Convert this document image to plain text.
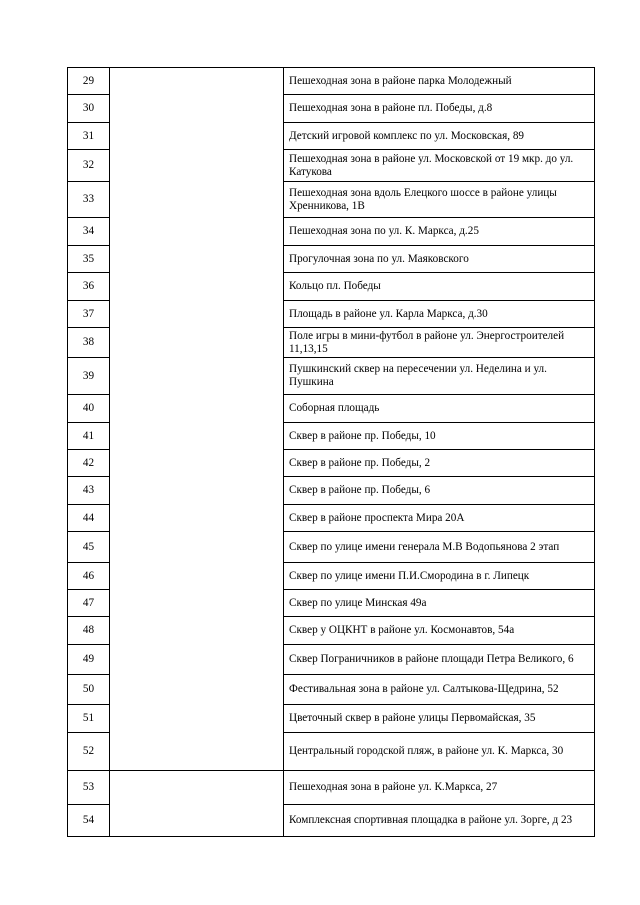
29		Пешеходная зона в районе парка Молодежный
30		Пешеходная зона в районе пл. Победы, д.8
31		Детский игровой комплекс по ул. Московская, 89
32		Пешеходная зона в районе ул. Московской от 19 мкр. до ул. Катукова
33		Пешеходная зона вдоль Елецкого шоссе в районе улицы Хренникова, 1В
34		Пешеходная зона по ул. К. Маркса, д.25
35		Прогулочная зона по ул. Маяковского
36		Кольцо пл. Победы
37		Площадь в районе ул. Карла Маркса, д.30
38		Поле игры в мини-футбол в районе ул. Энергостроителей 11,13,15
39		Пушкинский сквер на пересечении ул. Неделина и ул. Пушкина
40		Соборная площадь
41		Сквер в районе пр. Победы, 10
42		Сквер в районе пр. Победы, 2
43		Сквер в районе пр. Победы, 6
44		Сквер в районе проспекта Мира 20А
45		Сквер по улице имени генерала М.В Водопьянова 2 этап
46		Сквер по улице имени П.И.Смородина в г. Липецк
47		Сквер по улице Минская 49а
48		Сквер у ОЦКНТ в районе ул. Космонавтов, 54а
49		Сквер Пограничников в районе площади Петра Великого, 6
50		Фестивальная зона в районе ул. Салтыкова-Щедрина, 52
51		Цветочный сквер в районе улицы Первомайская, 35
52		Центральный городской пляж, в районе ул. К. Маркса, 30
53		Пешеходная зона в районе ул. К.Маркса, 27
54		Комплексная спортивная площадка в районе ул. Зорге, д 23
